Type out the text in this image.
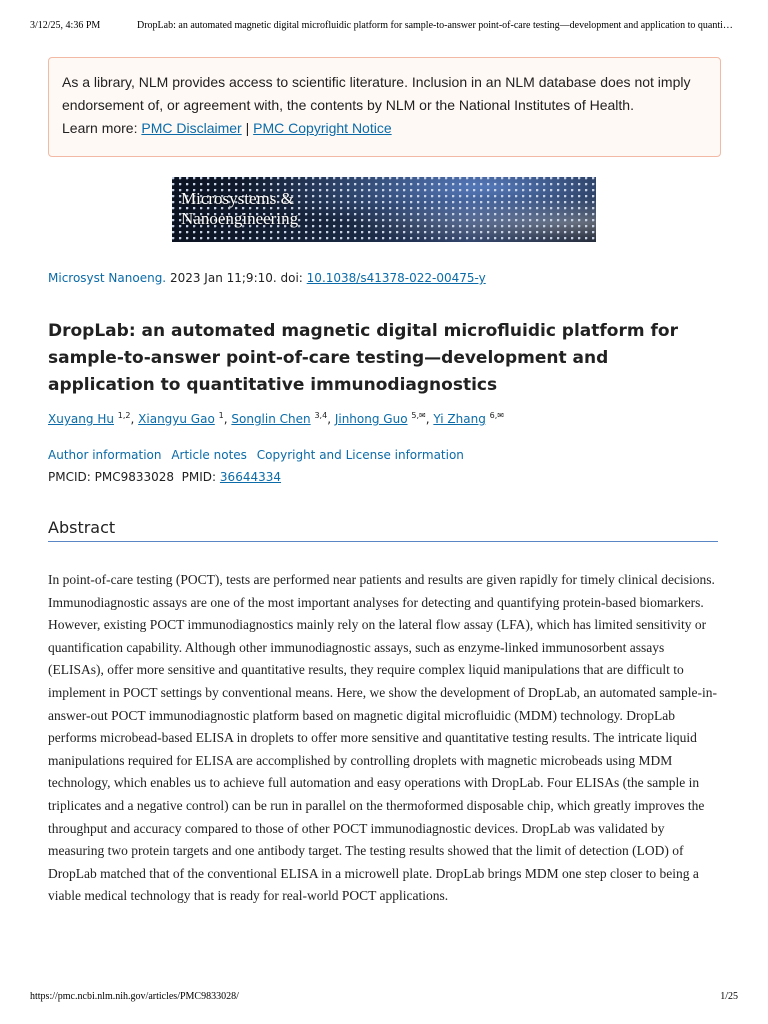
3/12/25, 4:36 PM	DropLab: an automated magnetic digital microfluidic platform for sample-to-answer point-of-care testing—development and application to quanti…
As a library, NLM provides access to scientific literature. Inclusion in an NLM database does not imply endorsement of, or agreement with, the contents by NLM or the National Institutes of Health.
Learn more: PMC Disclaimer | PMC Copyright Notice
Microsystems &
Nanoengineering
Microsyst Nanoeng. 2023 Jan 11;9:10. doi: 10.1038/s41378-022-00475-y
DropLab: an automated magnetic digital microfluidic platform for sample-to-answer point-of-care testing—development and application to quantitative immunodiagnostics
Xuyang Hu $^{1,2}$, Xiangyu Gao $^1$, Songlin Chen $^{3,4}$, Jinhong Guo $^{5,✉}$, Yi Zhang $^{6,✉}$
Author information Article notes Copyright and License information
PMCID: PMC9833028 PMID: 36644334
Abstract

In point-of-care testing (POCT), tests are performed near patients and results are given rapidly for timely clinical decisions. Immunodiagnostic assays are one of the most important analyses for detecting and quantifying protein-based biomarkers. However, existing POCT immunodiagnostics mainly rely on the lateral flow assay (LFA), which has limited sensitivity or quantification capability. Although other immunodiagnostic assays, such as enzyme-linked immunosorbent assays (ELISAs), offer more sensitive and quantitative results, they require complex liquid manipulations that are difficult to implement in POCT settings by conventional means. Here, we show the development of DropLab, an automated sample-in-answer-out POCT immunodiagnostic platform based on magnetic digital microfluidic (MDM) technology. DropLab performs microbead-based ELISA in droplets to offer more sensitive and quantitative testing results. The intricate liquid manipulations required for ELISA are accomplished by controlling droplets with magnetic microbeads using MDM technology, which enables us to achieve full automation and easy operations with DropLab. Four ELISAs (the sample in triplicates and a negative control) can be run in parallel on the thermoformed disposable chip, which greatly improves the throughput and accuracy compared to those of other POCT immunodiagnostic devices. DropLab was validated by measuring two protein targets and one antibody target. The testing results showed that the limit of detection (LOD) of DropLab matched that of the conventional ELISA in a microwell plate. DropLab brings MDM one step closer to being a viable medical technology that is ready for real-world POCT applications.

https://pmc.ncbi.nlm.nih.gov/articles/PMC9833028/	1/25
